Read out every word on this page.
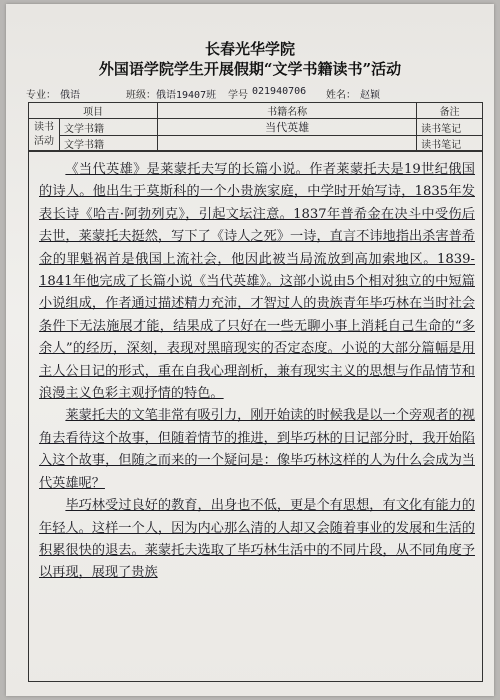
长春光华学院
外国语学院学生开展假期“文学书籍读书”活动
专业： 俄语	班级： 俄语19407班 学号 021940706 姓名： 赵颖
项目		书籍名称	备注
读书活动	文学书籍	当代英雄	读书笔记
	文学书籍		读书笔记

《当代英雄》是莱蒙托夫写的长篇小说。作者莱蒙托夫是19世纪俄国的诗人。他出生于莫斯科的一个小贵族家庭，中学时开始写诗，1835年发表长诗《哈吉·阿勃列克》，引起文坛注意。1837年普希金在决斗中受伤后去世，莱蒙托夫挺然，写下了《诗人之死》一诗，直言不讳地指出杀害普希金的罪魁祸首是俄国上流社会，他因此被当局流放到高加索地区。1839-1841年他完成了长篇小说《当代英雄》。这部小说由5个相对独立的中短篇小说组成，作者通过描述精力充沛，才智过人的贵族青年毕巧林在当时社会条件下无法施展才能，结果成了只好在一些无聊小事上消耗自己生命的“多余人”的经历，深刻，表现对黑暗现实的否定态度。小说的大部分篇幅是用主人公日记的形式，重在自我心理剖析，兼有现实主义的思想与作品情节和浪漫主义色彩主观抒情的特色。

莱蒙托夫的文笔非常有吸引力，刚开始读的时候我是以一个旁观者的视角去看待这个故事，但随着情节的推进，到毕巧林的日记部分时，我开始陷入这个故事，但随之而来的一个疑问是：像毕巧林这样的人为什么会成为当代英雄呢？

毕巧林受过良好的教育，出身也不低，更是个有思想，有文化有能力的年轻人。这样一个人，因为内心那么清的人却又会随着事业的发展和生活的积累很快的退去。莱蒙托夫选取了毕巧林生活中的不同片段，从不同角度予以再现，展现了贵族
